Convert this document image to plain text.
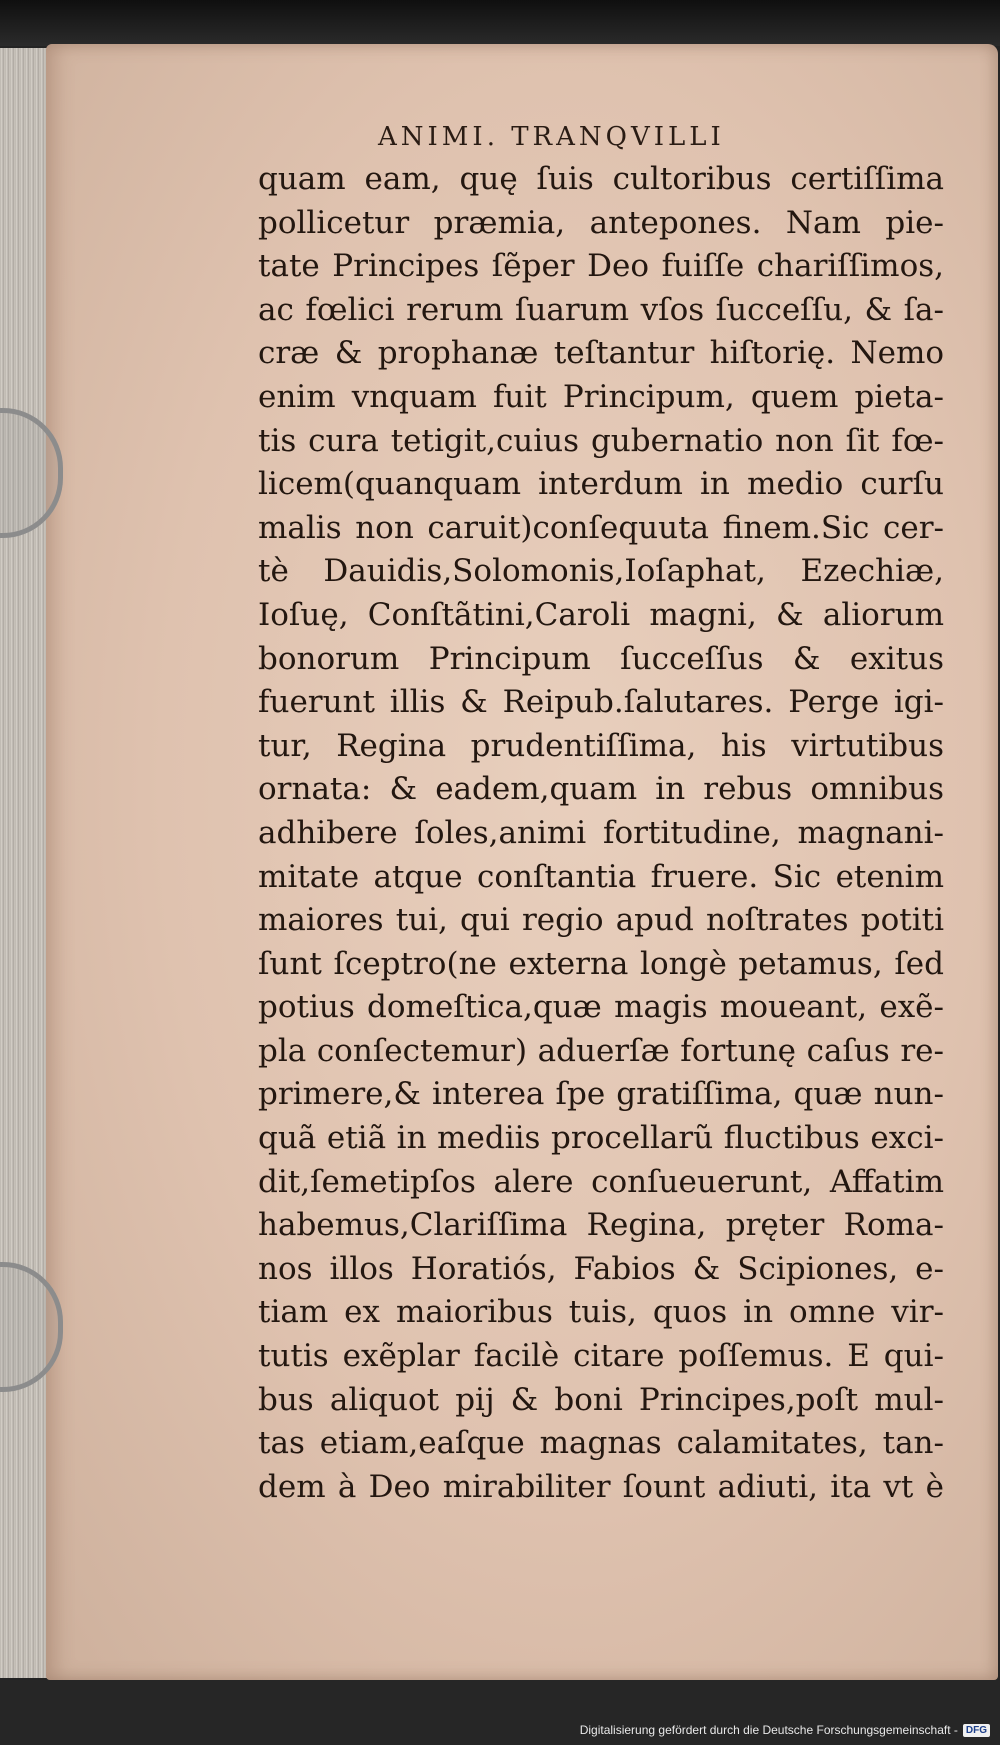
ANIMI. TRANQVILLI
quam eam, quę ſuis cultoribus certiſſima
pollicetur præmia, antepones. Nam pie-
tate Principes ſẽper Deo fuiſſe chariſſimos,
ac fœlici rerum ſuarum vſos ſucceſſu, & ſa-
cræ & prophanæ teſtantur hiſtorię. Nemo
enim vnquam fuit Principum, quem pieta-
tis cura tetigit,cuius gubernatio non ſit fœ-
licem(quanquam interdum in medio curſu
malis non caruit)conſequuta finem.Sic cer-
tè Dauidis,Solomonis,Ioſaphat, Ezechiæ,
Ioſuę, Conſtãtini,Caroli magni, & aliorum
bonorum Principum ſucceſſus & exitus
fuerunt illis & Reipub.ſalutares. Perge igi-
tur, Regina prudentiſſima, his virtutibus
ornata: & eadem,quam in rebus omnibus
adhibere ſoles,animi fortitudine, magnani-
mitate atque conſtantia fruere. Sic etenim
maiores tui, qui regio apud noſtrates potiti
ſunt ſceptro(ne externa longè petamus, ſed
potius domeſtica,quæ magis moueant, exẽ-
pla conſectemur) aduerſæ fortunę caſus re-
primere,& interea ſpe gratiſſima, quæ nun-
quã etiã in mediis procellarũ fluctibus exci-
dit,ſemetipſos alere conſueuerunt, Affatim
habemus,Clariſſima Regina, pręter Roma-
nos illos Horatiós, Fabios & Scipiones, e-
tiam ex maioribus tuis, quos in omne vir-
tutis exẽplar facilè citare poſſemus. E qui-
bus aliquot pij & boni Principes,poſt mul-
tas etiam,eaſque magnas calamitates, tan-
dem à Deo mirabiliter ſount adiuti, ita vt è
Digitalisierung gefördert durch die Deutsche Forschungsgemeinschaft - DFG
